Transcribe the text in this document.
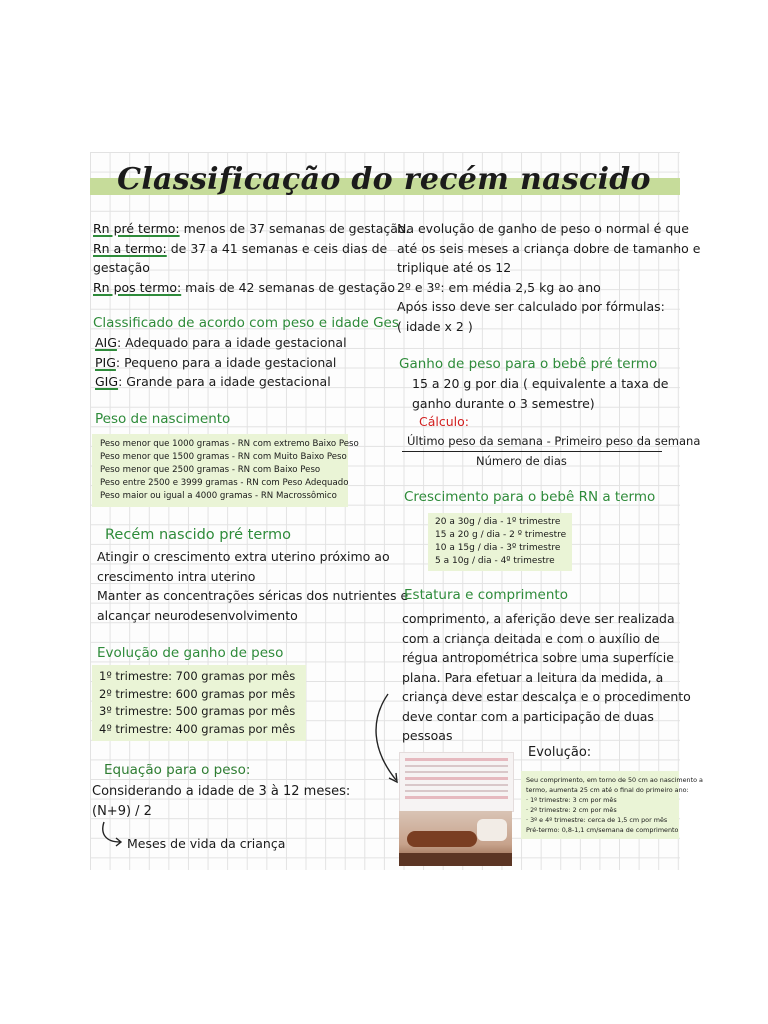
Classificação do recém nascido

Rn pré termo: menos de 37 semanas de gestação.

Rn a termo: de 37 a 41 semanas e ceis dias de

gestação

Rn pos termo: mais de 42 semanas de gestação

Classificado de acordo com peso e idade Ges

AIG: Adequado para a idade gestacional

PIG: Pequeno para a idade gestacional

GIG: Grande para a idade gestacional

Peso de nascimento

Peso menor que 1000 gramas - RN com extremo Baixo Peso

Peso menor que 1500 gramas - RN com Muito Baixo Peso

Peso menor que 2500 gramas - RN com Baixo Peso

Peso entre 2500 e 3999 gramas - RN com Peso Adequado

Peso maior ou igual a 4000 gramas - RN Macrossômico

Recém nascido pré termo

Atingir o crescimento extra uterino próximo ao

crescimento intra uterino

Manter as concentrações séricas dos nutrientes e

alcançar neurodesenvolvimento

Evolução de ganho de peso

1º trimestre: 700 gramas por mês

2º trimestre: 600 gramas por mês

3º trimestre: 500 gramas por mês

4º trimestre: 400 gramas por mês

Equação para o peso:

Considerando a idade de 3 à 12 meses:

(N+9) / 2

Meses de vida da criança

Na evolução de ganho de peso o normal é que

até os seis meses a criança dobre de tamanho e

triplique até os 12

2º e 3º: em média 2,5 kg ao ano

Após isso deve ser calculado por fórmulas:

( idade x 2 )

Ganho de peso para o bebê pré termo

15 a 20 g por dia ( equivalente a taxa de

ganho durante o 3 semestre)

Cálculo:
Último peso da semana - Primeiro peso da semana
Número de dias
Crescimento para o bebê RN a termo

20 a 30g / dia - 1º trimestre

15 a 20 g / dia - 2 º trimestre

10 a 15g / dia - 3º trimestre

5 a 10g / dia - 4º trimestre

Estatura e comprimento

comprimento, a aferição deve ser realizada

com a criança deitada e com o auxílio de

régua antropométrica sobre uma superfície

plana. Para efetuar a leitura da medida, a

criança deve estar descalça e o procedimento

deve contar com a participação de duas

pessoas

Evolução:

Seu comprimento, em torno de 50 cm ao nascimento a

termo, aumenta 25 cm até o final do primeiro ano:

· 1º trimestre: 3 cm por mês

· 2º trimestre: 2 cm por mês

· 3º e 4º trimestre: cerca de 1,5 cm por mês

Pré-termo: 0,8-1,1 cm/semana de comprimento
